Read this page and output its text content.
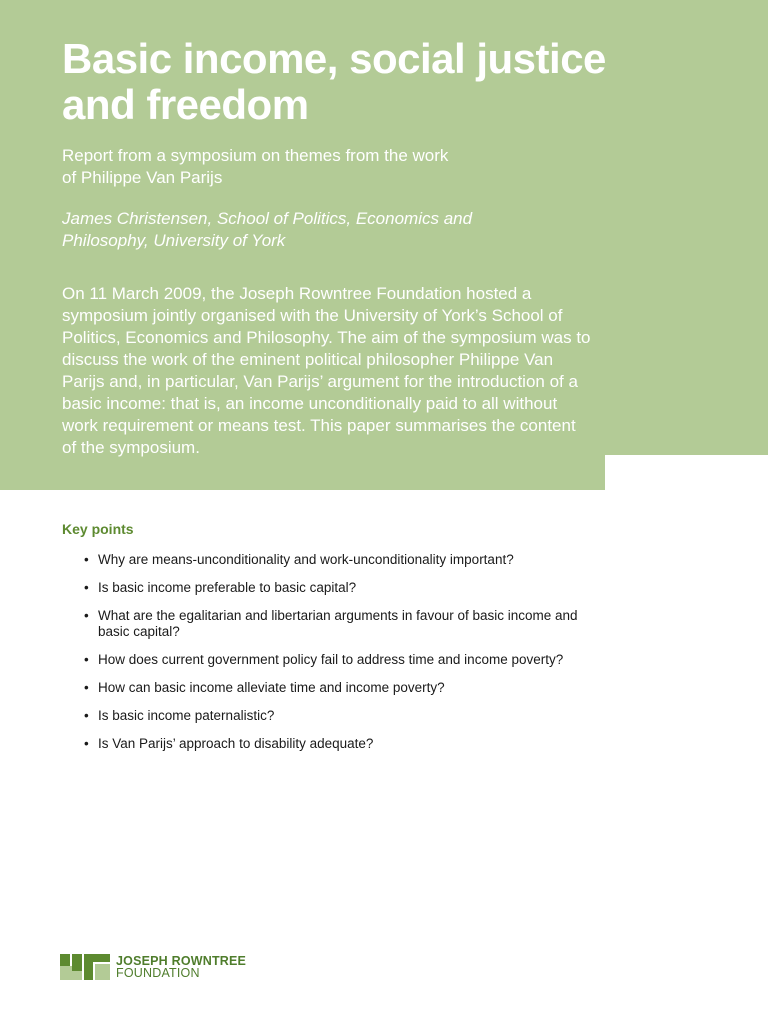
Basic income, social justice and freedom

Report from a symposium on themes from the work of Philippe Van Parijs

James Christensen, School of Politics, Economics and Philosophy, University of York

On 11 March 2009, the Joseph Rowntree Foundation hosted a symposium jointly organised with the University of York’s School of Politics, Economics and Philosophy. The aim of the symposium was to discuss the work of the eminent political philosopher Philippe Van Parijs and, in particular, Van Parijs’ argument for the introduction of a basic income: that is, an income unconditionally paid to all without work requirement or means test. This paper summarises the content of the symposium.

Key points
• Why are means-unconditionality and work-unconditionality important?
• Is basic income preferable to basic capital?
• What are the egalitarian and libertarian arguments in favour of basic income and basic capital?
• How does current government policy fail to address time and income poverty?
• How can basic income alleviate time and income poverty?
• Is basic income paternalistic?
• Is Van Parijs’ approach to disability adequate?
JOSEPH ROWNTREE
FOUNDATION
